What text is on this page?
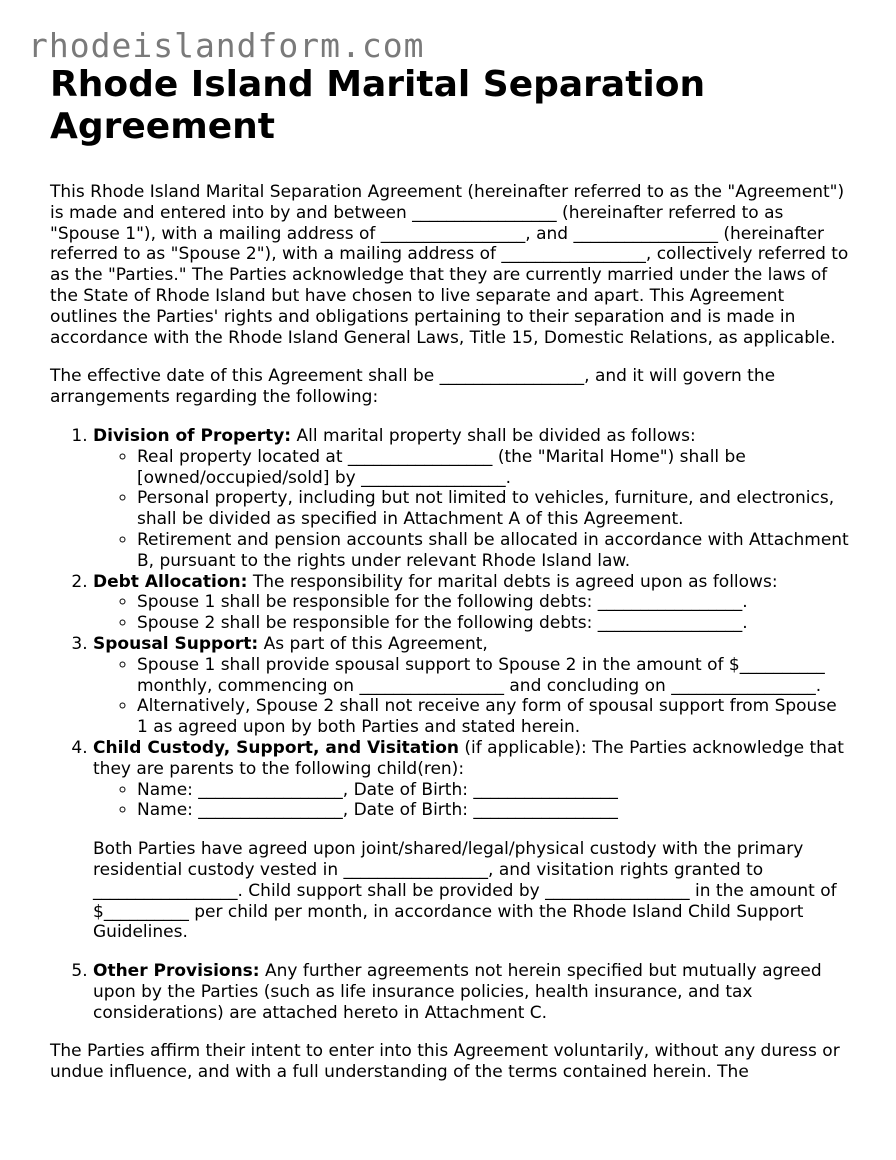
rhodeislandform.com
Rhode Island Marital Separation Agreement

This Rhode Island Marital Separation Agreement (hereinafter referred to as the "Agreement") is made and entered into by and between _________________ (hereinafter referred to as "Spouse 1"), with a mailing address of _________________, and _________________ (hereinafter referred to as "Spouse 2"), with a mailing address of _________________, collectively referred to as the "Parties." The Parties acknowledge that they are currently married under the laws of the State of Rhode Island but have chosen to live separate and apart. This Agreement outlines the Parties' rights and obligations pertaining to their separation and is made in accordance with the Rhode Island General Laws, Title 15, Domestic Relations, as applicable.

The effective date of this Agreement shall be _________________, and it will govern the arrangements regarding the following:

1. Division of Property: All marital property shall be divided as follows:
◦ Real property located at _________________ (the "Marital Home") shall be [owned/occupied/sold] by _________________.
◦ Personal property, including but not limited to vehicles, furniture, and electronics, shall be divided as specified in Attachment A of this Agreement.
◦ Retirement and pension accounts shall be allocated in accordance with Attachment B, pursuant to the rights under relevant Rhode Island law.
2. Debt Allocation: The responsibility for marital debts is agreed upon as follows:
◦ Spouse 1 shall be responsible for the following debts: _________________.
◦ Spouse 2 shall be responsible for the following debts: _________________.
3. Spousal Support: As part of this Agreement,
◦ Spouse 1 shall provide spousal support to Spouse 2 in the amount of $__________ monthly, commencing on _________________ and concluding on _________________.
◦ Alternatively, Spouse 2 shall not receive any form of spousal support from Spouse 1 as agreed upon by both Parties and stated herein.
4. Child Custody, Support, and Visitation (if applicable): The Parties acknowledge that they are parents to the following child(ren):
◦ Name: _________________, Date of Birth: _________________
◦ Name: _________________, Date of Birth: _________________

Both Parties have agreed upon joint/shared/legal/physical custody with the primary residential custody vested in _________________, and visitation rights granted to _________________. Child support shall be provided by _________________ in the amount of $__________ per child per month, in accordance with the Rhode Island Child Support Guidelines.

5. Other Provisions: Any further agreements not herein specified but mutually agreed upon by the Parties (such as life insurance policies, health insurance, and tax considerations) are attached hereto in Attachment C.

The Parties affirm their intent to enter into this Agreement voluntarily, without any duress or undue influence, and with a full understanding of the terms contained herein. The
